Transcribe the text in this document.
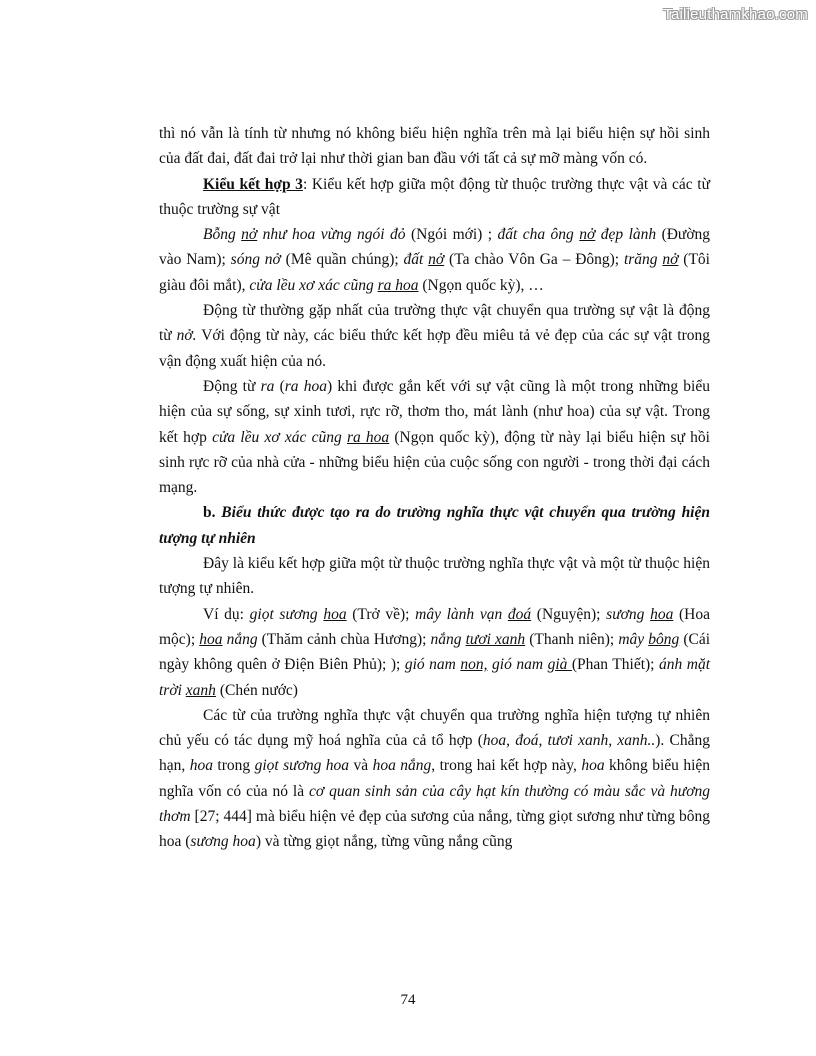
Tailieuthamkhao.com

thì nó vẫn là tính từ nhưng nó không biểu hiện nghĩa trên mà lại biểu hiện sự hồi sinh của đất đai, đất đai trở lại như thời gian ban đầu với tất cả sự mỡ màng vốn có.

Kiểu kết hợp 3: Kiểu kết hợp giữa một động từ thuộc trường thực vật và các từ thuộc trường sự vật

Bỗng nở như hoa vừng ngói đỏ (Ngói mới) ; đất cha ông nở đẹp lành (Đường vào Nam); sóng nở (Mê quần chúng); đất nở (Ta chào Vôn Ga – Đông); trăng nở (Tôi giàu đôi mắt), cửa lều xơ xác cũng ra hoa (Ngọn quốc kỳ), …

Động từ thường gặp nhất của trường thực vật chuyển qua trường sự vật là động từ nở. Với động từ này, các biểu thức kết hợp đều miêu tả vẻ đẹp của các sự vật trong vận động xuất hiện của nó.

Động từ ra (ra hoa) khi được gắn kết với sự vật cũng là một trong những biểu hiện của sự sống, sự xinh tươi, rực rỡ, thơm tho, mát lành (như hoa) của sự vật. Trong kết hợp cửa lều xơ xác cũng ra hoa (Ngọn quốc kỳ), động từ này lại biểu hiện sự hồi sinh rực rỡ của nhà cửa - những biểu hiện của cuộc sống con người - trong thời đại cách mạng.

b. Biểu thức được tạo ra do trường nghĩa thực vật chuyển qua trường hiện tượng tự nhiên

Đây là kiểu kết hợp giữa một từ thuộc trường nghĩa thực vật và một từ thuộc hiện tượng tự nhiên.

Ví dụ: giọt sương hoa (Trở về); mây lành vạn đoá (Nguyện); sương hoa (Hoa mộc); hoa nắng (Thăm cảnh chùa Hương); nắng tươi xanh (Thanh niên); mây bông (Cái ngày không quên ở Điện Biên Phủ); ); gió nam non, gió nam già (Phan Thiết); ánh mặt trời xanh (Chén nước)

Các từ của trường nghĩa thực vật chuyển qua trường nghĩa hiện tượng tự nhiên chủ yếu có tác dụng mỹ hoá nghĩa của cả tổ hợp (hoa, đoá, tươi xanh, xanh..). Chẳng hạn, hoa trong giọt sương hoa và hoa nắng, trong hai kết hợp này, hoa không biểu hiện nghĩa vốn có của nó là cơ quan sinh sản của cây hạt kín thường có màu sắc và hương thơm [27; 444] mà biểu hiện vẻ đẹp của sương của nắng, từng giọt sương như từng bông hoa (sương hoa) và từng giọt nắng, từng vũng nắng cũng

74
